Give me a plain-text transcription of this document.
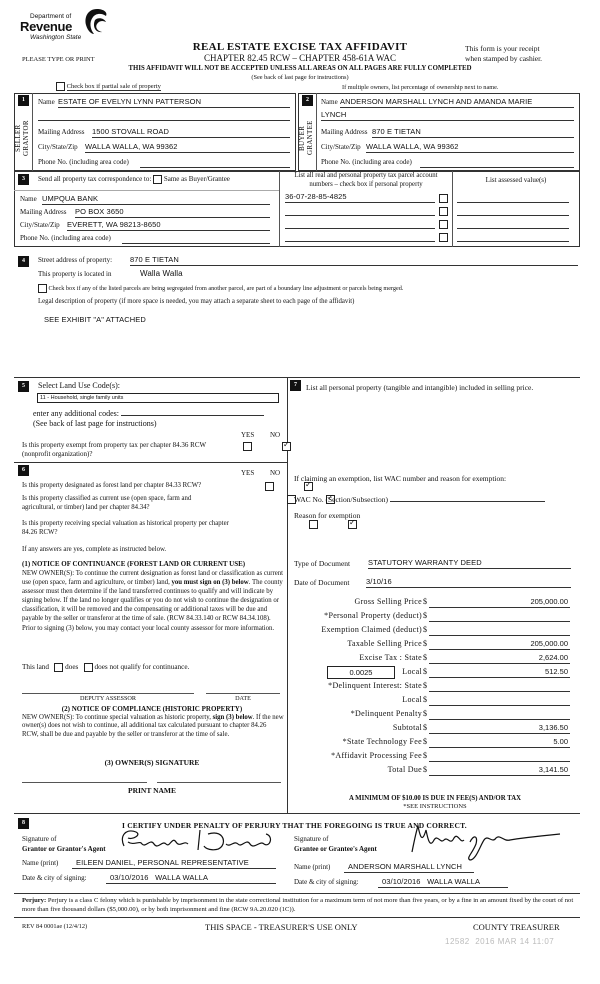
Department of
Revenue
Washington State
REAL ESTATE EXCISE TAX AFFIDAVIT
CHAPTER 82.45 RCW – CHAPTER 458-61A WAC
PLEASE TYPE OR PRINT
This form is your receipt
when stamped by cashier.
THIS AFFIDAVIT WILL NOT BE ACCEPTED UNLESS ALL AREAS ON ALL PAGES ARE FULLY COMPLETED
(See back of last page for instructions)
Check box if partial sale of property	If multiple owners, list percentage of ownership next to name.
1
SELLER
GRANTOR
Name ESTATE OF EVELYN LYNN PATTERSON
Mailing Address 1500 STOVALL ROAD
City/State/Zip WALLA WALLA, WA 99362
Phone No. (including area code)
2
BUYER
GRANTEE
Name ANDERSON MARSHALL LYNCH AND AMANDA MARIE
LYNCH
Mailing Address 870 E TIETAN
City/State/Zip WALLA WALLA, WA 99362
Phone No. (including area code)
3	Send all property tax correspondence to: Same as Buyer/Grantee
Name UMPQUA BANK
Mailing Address PO BOX 3650
City/State/Zip EVERETT, WA 98213-8650
Phone No. (including area code)
List all real and personal property tax parcel account numbers – check box if personal property	List assessed value(s)
36-07-28-85-4825
4	Street address of property: 870 E TIETAN
This property is located in	Walla Walla
Check box if any of the listed parcels are being segregated from another parcel, are part of a boundary line adjustment or parcels being merged.
Legal description of property (if more space is needed, you may attach a separate sheet to each page of the affidavit)
SEE EXHIBIT "A" ATTACHED
5	Select Land Use Code(s):
11 - Household, single family units
enter any additional codes:
(See back of last page for instructions)
YES NO
Is this property exempt from property tax per chapter 84.36 RCW (nonprofit organization)?
✓
6	YES NO
Is this property designated as forest land per chapter 84.33 RCW?
✓
Is this property classified as current use (open space, farm and agricultural, or timber) land per chapter 84.34?
✓
Is this property receiving special valuation as historical property per chapter 84.26 RCW?
✓
If any answers are yes, complete as instructed below.
(1) NOTICE OF CONTINUANCE (FOREST LAND OR CURRENT USE)
NEW OWNER(S): To continue the current designation as forest land or classification as current use (open space, farm and agriculture, or timber) land, you must sign on (3) below. The county assessor must then determine if the land transferred continues to qualify and will indicate by signing below. If the land no longer qualifies or you do not wish to continue the designation or classification, it will be removed and the compensating or additional taxes will be due and payable by the seller or transferor at the time of sale. (RCW 84.33.140 or RCW 84.34.108). Prior to signing (3) below, you may contact your local county assessor for more information.
This land does does not qualify for continuance.
DEPUTY ASSESSOR	DATE
(2) NOTICE OF COMPLIANCE (HISTORIC PROPERTY)
NEW OWNER(S): To continue special valuation as historic property, sign (3) below. If the new owner(s) does not wish to continue, all additional tax calculated pursuant to chapter 84.26 RCW, shall be due and payable by the seller or transferor at the time of sale.
(3) OWNER(S) SIGNATURE
PRINT NAME
7	List all personal property (tangible and intangible) included in selling price.
If claiming an exemption, list WAC number and reason for exemption:
WAC No. (Section/Subsection)
Reason for exemption
Type of Document STATUTORY WARRANTY DEED
Date of Document 3/10/16
Gross Selling Price $	205,000.00
*Personal Property (deduct) $
Exemption Claimed (deduct) $
Taxable Selling Price $	205,000.00
Excise Tax : State $	2,624.00
0.0025	Local $	512.50
*Delinquent Interest: State $
Local $
*Delinquent Penalty $
Subtotal $	3,136.50
*State Technology Fee $	5.00
*Affidavit Processing Fee $
Total Due $	3,141.50
A MINIMUM OF $10.00 IS DUE IN FEE(S) AND/OR TAX
*SEE INSTRUCTIONS
8	I CERTIFY UNDER PENALTY OF PERJURY THAT THE FOREGOING IS TRUE AND CORRECT.
Signature of
Grantor or Grantor's Agent
Name (print)	EILEEN DANIEL, PERSONAL REPRESENTATIVE
Date & city of signing:	03/10/2016   WALLA WALLA
Signature of
Grantee or Grantee's Agent
Name (print)	ANDERSON MARSHALL LYNCH
Date & city of signing:	03/10/2016   WALLA WALLA
Perjury: Perjury is a class C felony which is punishable by imprisonment in the state correctional institution for a maximum term of not more than five years, or by a fine in an amount fixed by the court of not more than five thousand dollars ($5,000.00), or by both imprisonment and fine (RCW 9A.20.020 (1C)).
REV 84 0001ae (12/4/12)	THIS SPACE - TREASURER'S USE ONLY	COUNTY TREASURER
12582  2016 MAR 14 11:07
